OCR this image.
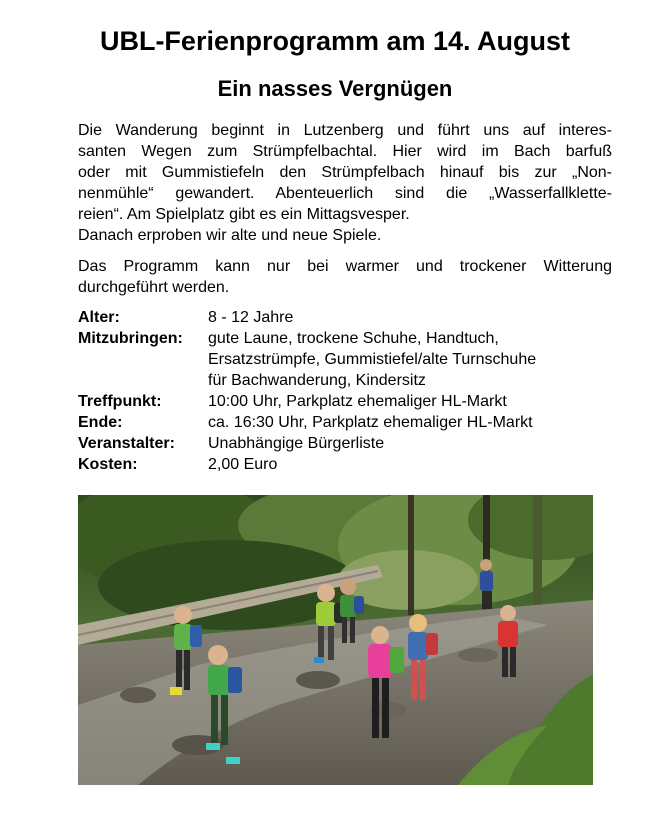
UBL-Ferienprogramm am 14. August
Ein nasses Vergnügen
Die Wanderung beginnt in Lutzenberg und führt uns auf interes-
santen Wegen zum Strümpfelbachtal. Hier wird im Bach barfuß
oder mit Gummistiefeln den Strümpfelbach hinauf bis zur „Non-
nenmühle“ gewandert. Abenteuerlich sind die „Wasserfallklette-
reien“. Am Spielplatz gibt es ein Mittagsvesper.
Danach erproben wir alte und neue Spiele.
Das Programm kann nur bei warmer und trockener Witterung
durchgeführt werden.
Alter:	8 - 12 Jahre
Mitzubringen:	gute Laune, trockene Schuhe, Handtuch,
Ersatzstrümpfe, Gummistiefel/alte Turnschuhe
für Bachwanderung, Kindersitz
Treffpunkt:	10:00 Uhr, Parkplatz ehemaliger HL-Markt
Ende:	ca. 16:30 Uhr, Parkplatz ehemaliger HL-Markt
Veranstalter:	Unabhängige Bürgerliste
Kosten:	2,00 Euro
